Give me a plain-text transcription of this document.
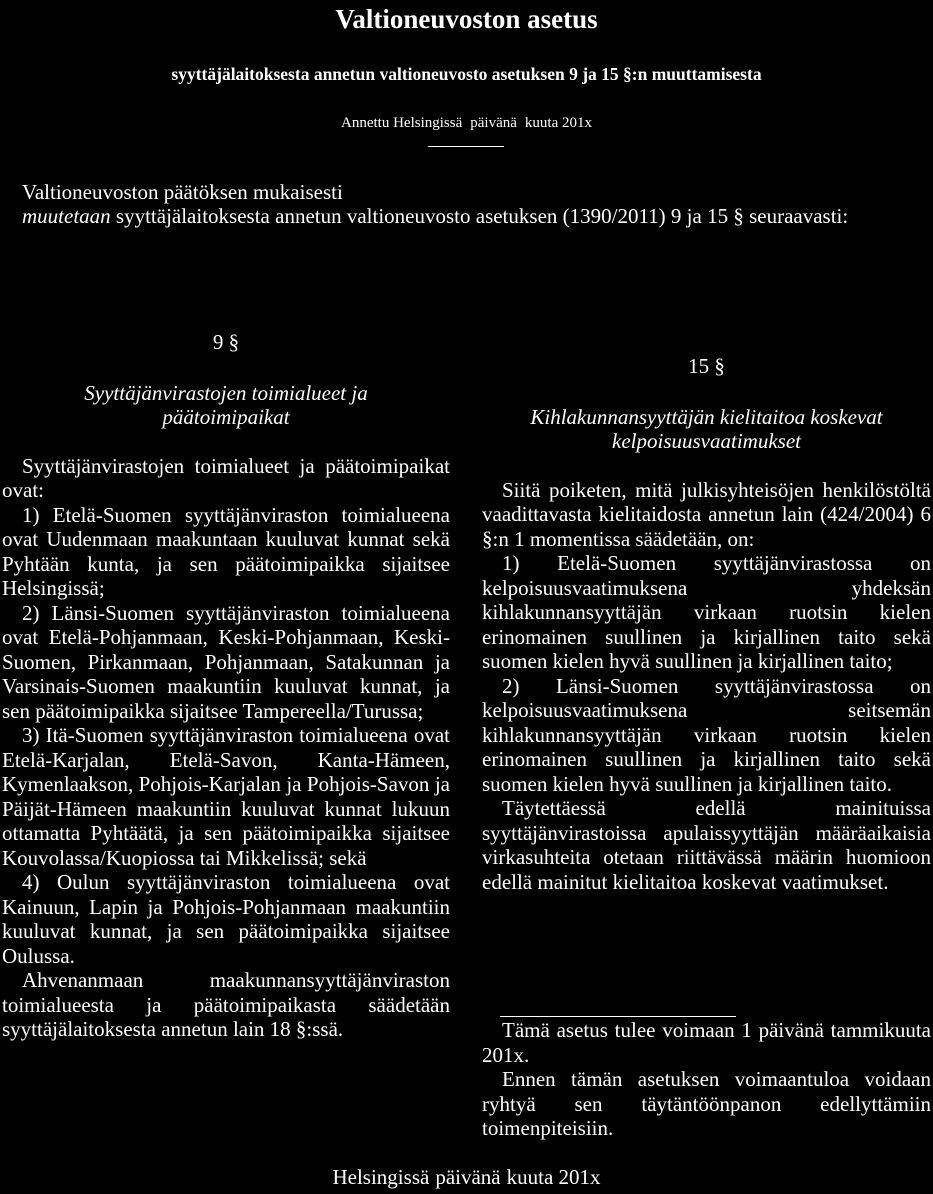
Valtioneuvoston asetus
syyttäjälaitoksesta annetun valtioneuvosto asetuksen 9 ja 15 §:n muuttamisesta
Annettu Helsingissä päivänä kuuta 201x

Valtioneuvoston päätöksen mukaisesti

muutetaan syyttäjälaitoksesta annetun valtioneuvosto asetuksen (1390/2011) 9 ja 15 § seuraavasti:

9 §

Syyttäjänvirastojen toimialueet ja

päätoimipaikat

Syyttäjänvirastojen toimialueet ja päätoimipaikat ovat:

1) Etelä-Suomen syyttäjänviraston toimialueena ovat Uudenmaan maakuntaan kuuluvat kunnat sekä Pyhtään kunta, ja sen päätoimipaikka sijaitsee Helsingissä;

2) Länsi-Suomen syyttäjänviraston toimialueena ovat Etelä-Pohjanmaan, Keski-Pohjanmaan, Keski-Suomen, Pirkanmaan, Pohjanmaan, Satakunnan ja Varsinais-Suomen maakuntiin kuuluvat kunnat, ja sen päätoimipaikka sijaitsee Tampereella/Turussa;

3) Itä-Suomen syyttäjänviraston toimialueena ovat Etelä-Karjalan, Etelä-Savon, Kanta-Hämeen, Kymenlaakson, Pohjois-Karjalan ja Pohjois-Savon ja Päijät-Hämeen maakuntiin kuuluvat kunnat lukuun ottamatta Pyhtäätä, ja sen päätoimipaikka sijaitsee Kouvolassa/Kuopiossa tai Mikkelissä; sekä

4) Oulun syyttäjänviraston toimialueena ovat Kainuun, Lapin ja Pohjois-Pohjanmaan maakuntiin kuuluvat kunnat, ja sen päätoimipaikka sijaitsee Oulussa.

Ahvenanmaan maakunnansyyttäjänviraston toimialueesta ja päätoimipaikasta säädetään syyttäjälaitoksesta annetun lain 18 §:ssä.

15 §

Kihlakunnansyyttäjän kielitaitoa koskevat

kelpoisuusvaatimukset

Siitä poiketen, mitä julkisyhteisöjen henkilöstöltä vaadittavasta kielitaidosta annetun lain (424/2004) 6 §:n 1 momentissa säädetään, on:

1) Etelä-Suomen syyttäjänvirastossa on kelpoisuusvaatimuksena yhdeksän kihlakunnansyyttäjän virkaan ruotsin kielen erinomainen suullinen ja kirjallinen taito sekä suomen kielen hyvä suullinen ja kirjallinen taito;

2) Länsi-Suomen syyttäjänvirastossa on kelpoisuusvaatimuksena seitsemän kihlakunnansyyttäjän virkaan ruotsin kielen erinomainen suullinen ja kirjallinen taito sekä suomen kielen hyvä suullinen ja kirjallinen taito.

Täytettäessä edellä mainituissa syyttäjänvirastoissa apulaissyyttäjän määräaikaisia virkasuhteita otetaan riittävässä määrin huomioon edellä mainitut kielitaitoa koskevat vaatimukset.

Tämä asetus tulee voimaan 1 päivänä tammikuuta 201x.

Ennen tämän asetuksen voimaantuloa voidaan ryhtyä sen täytäntöönpanon edellyttämiin toimenpiteisiin.

Helsingissä päivänä kuuta 201x
